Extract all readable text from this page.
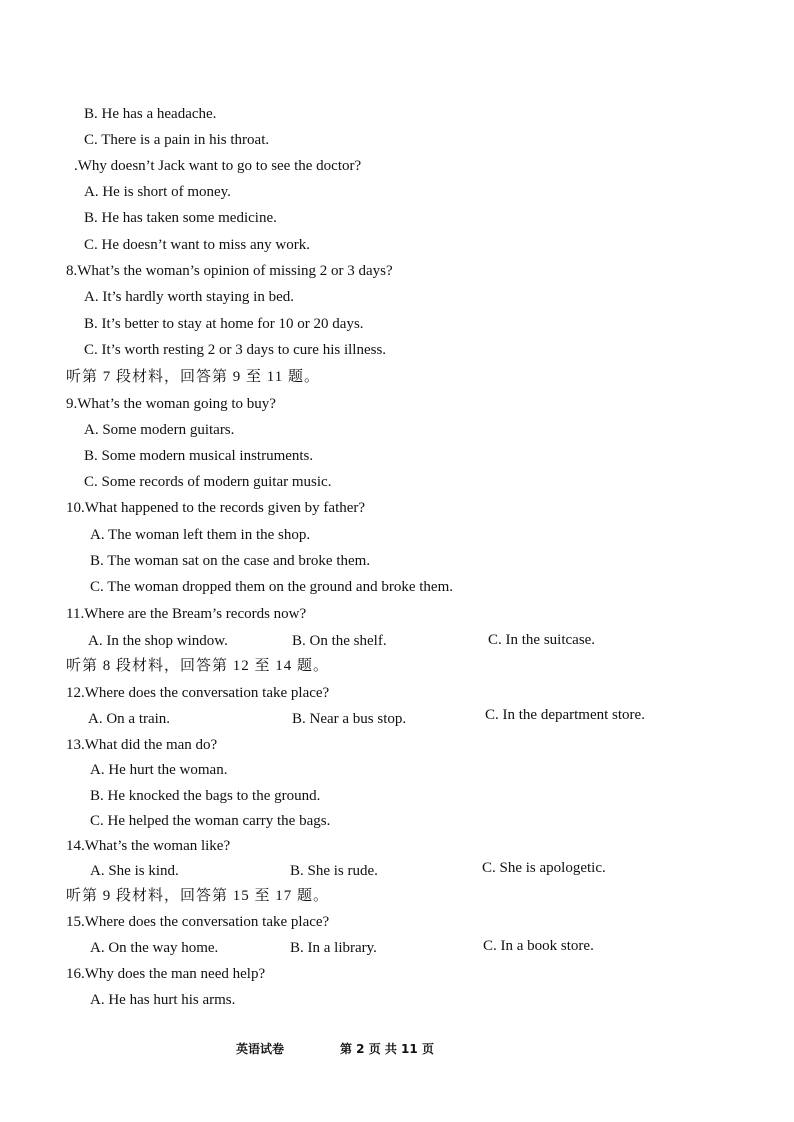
B. He has a headache.
C. There is a pain in his throat.
.Why doesn’t Jack want to go to see the doctor?
A. He is short of money.
B. He has taken some medicine.
C. He doesn’t want to miss any work.
8.What’s the woman’s opinion of missing 2 or 3 days?
A. It’s hardly worth staying in bed.
B. It’s better to stay at home for 10 or 20 days.
C. It’s worth resting 2 or 3 days to cure his illness.
听第 7 段材料，回答第 9 至 11 题。
9.What’s the woman going to buy?
A. Some modern guitars.
B. Some modern musical instruments.
C. Some records of modern guitar music.
10.What happened to the records given by father?
A. The woman left them in the shop.
B. The woman sat on the case and broke them.
C. The woman dropped them on the ground and broke them.
11.Where are the Bream’s records now?
A. In the shop window.	B. On the shelf.	C. In the suitcase.
听第 8 段材料，回答第 12 至 14 题。
12.Where does the conversation take place?
A. On a train.	B. Near a bus stop.	C. In the department store.
13.What did the man do?
A. He hurt the woman.
B. He knocked the bags to the ground.
C. He helped the woman carry the bags.
14.What’s the woman like?
A. She is kind.	B. She is rude.	C. She is apologetic.
听第 9 段材料，回答第 15 至 17 题。
15.Where does the conversation take place?
A. On the way home.	B. In a library.	C. In a book store.
16.Why does the man need help?
A. He has hurt his arms.
英语试卷	第 2 页 共 11 页
